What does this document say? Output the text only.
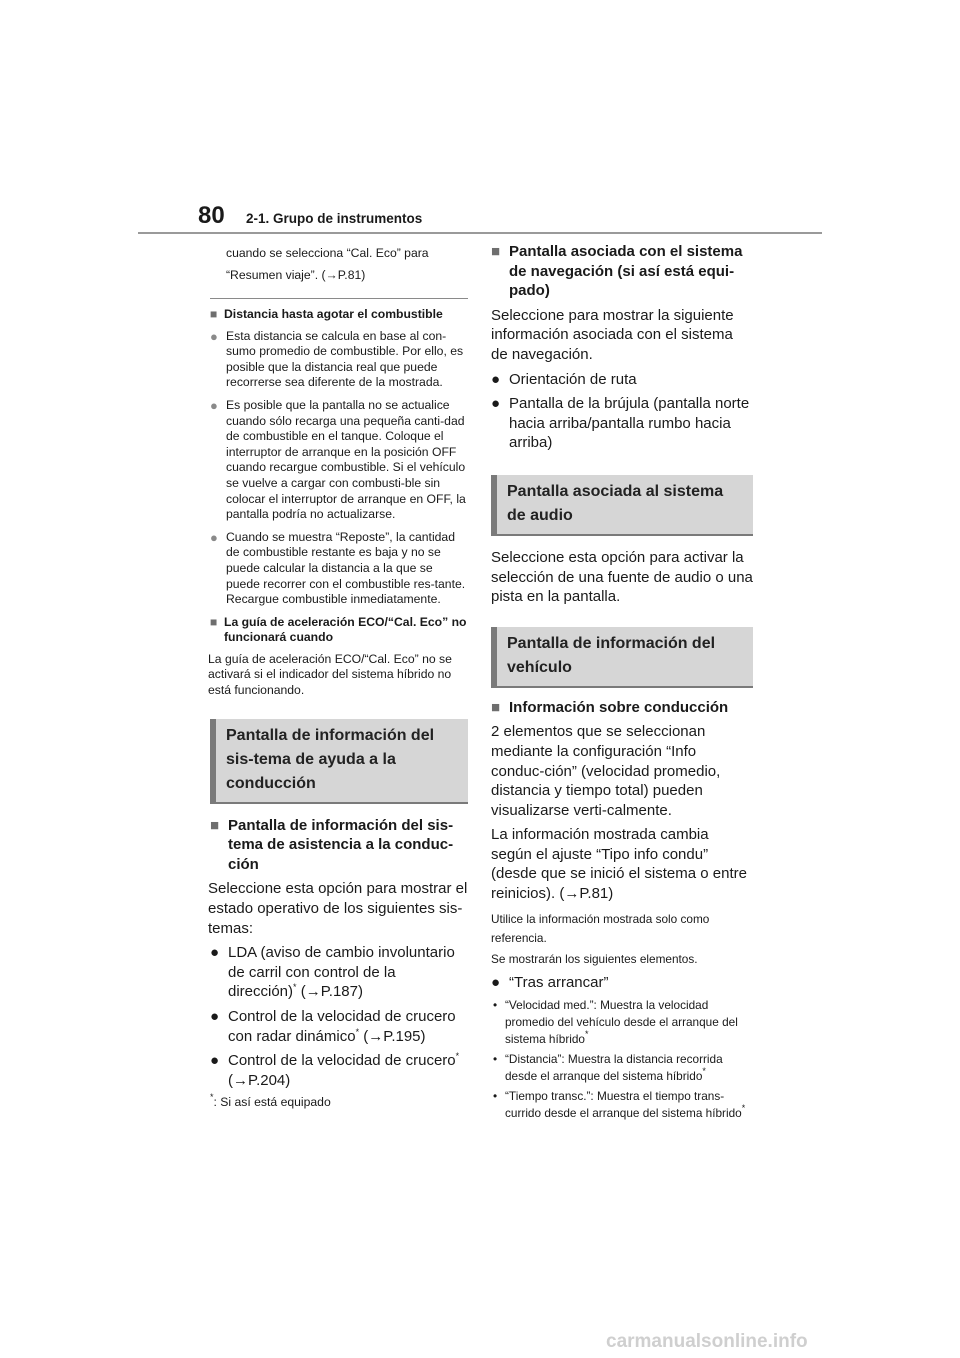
80 2-1. Grupo de instrumentos
cuando se selecciona “Cal. Eco” para
“Resumen viaje”. (→P.81)
■ Distancia hasta agotar el combustible
● Esta distancia se calcula en base al con-sumo promedio de combustible. Por ello, es posible que la distancia real que puede recorrerse sea diferente de la mostrada.
● Es posible que la pantalla no se actualice cuando sólo recarga una pequeña canti-dad de combustible en el tanque. Coloque el interruptor de arranque en la posición OFF cuando recargue combustible. Si el vehículo se vuelve a cargar con combusti-ble sin colocar el interruptor de arranque en OFF, la pantalla podría no actualizarse.
● Cuando se muestra “Reposte”, la cantidad de combustible restante es baja y no se puede calcular la distancia a la que se puede recorrer con el combustible res-tante. Recargue combustible inmediatamente.
■ La guía de aceleración ECO/“Cal. Eco” no funcionará cuando
La guía de aceleración ECO/“Cal. Eco” no se activará si el indicador del sistema híbrido no está funcionando.
Pantalla de información del sis-tema de ayuda a la conducción
■ Pantalla de información del sis-tema de asistencia a la conduc-ción
Seleccione esta opción para mostrar el estado operativo de los siguientes sis-temas:
● LDA (aviso de cambio involuntario de carril con control de la dirección)* (→P.187)
● Control de la velocidad de crucero con radar dinámico* (→P.195)
● Control de la velocidad de crucero* (→P.204)
*: Si así está equipado
■ Pantalla asociada con el sistema de navegación (si así está equi-pado)
Seleccione para mostrar la siguiente información asociada con el sistema de navegación.
● Orientación de ruta
● Pantalla de la brújula (pantalla norte hacia arriba/pantalla rumbo hacia arriba)
Pantalla asociada al sistema de audio
Seleccione esta opción para activar la selección de una fuente de audio o una pista en la pantalla.
Pantalla de información del vehículo
■ Información sobre conducción
2 elementos que se seleccionan mediante la configuración “Info conduc-ción” (velocidad promedio, distancia y tiempo total) pueden visualizarse verti-calmente.
La información mostrada cambia según el ajuste “Tipo info condu” (desde que se inició el sistema o entre reinicios). (→P.81)
Utilice la información mostrada solo como referencia.
Se mostrarán los siguientes elementos.
● “Tras arrancar”
• “Velocidad med.”: Muestra la velocidad promedio del vehículo desde el arranque del sistema híbrido*
• “Distancia”: Muestra la distancia recorrida desde el arranque del sistema híbrido*
• “Tiempo transc.”: Muestra el tiempo trans-currido desde el arranque del sistema híbrido*
carmanualsonline.info
